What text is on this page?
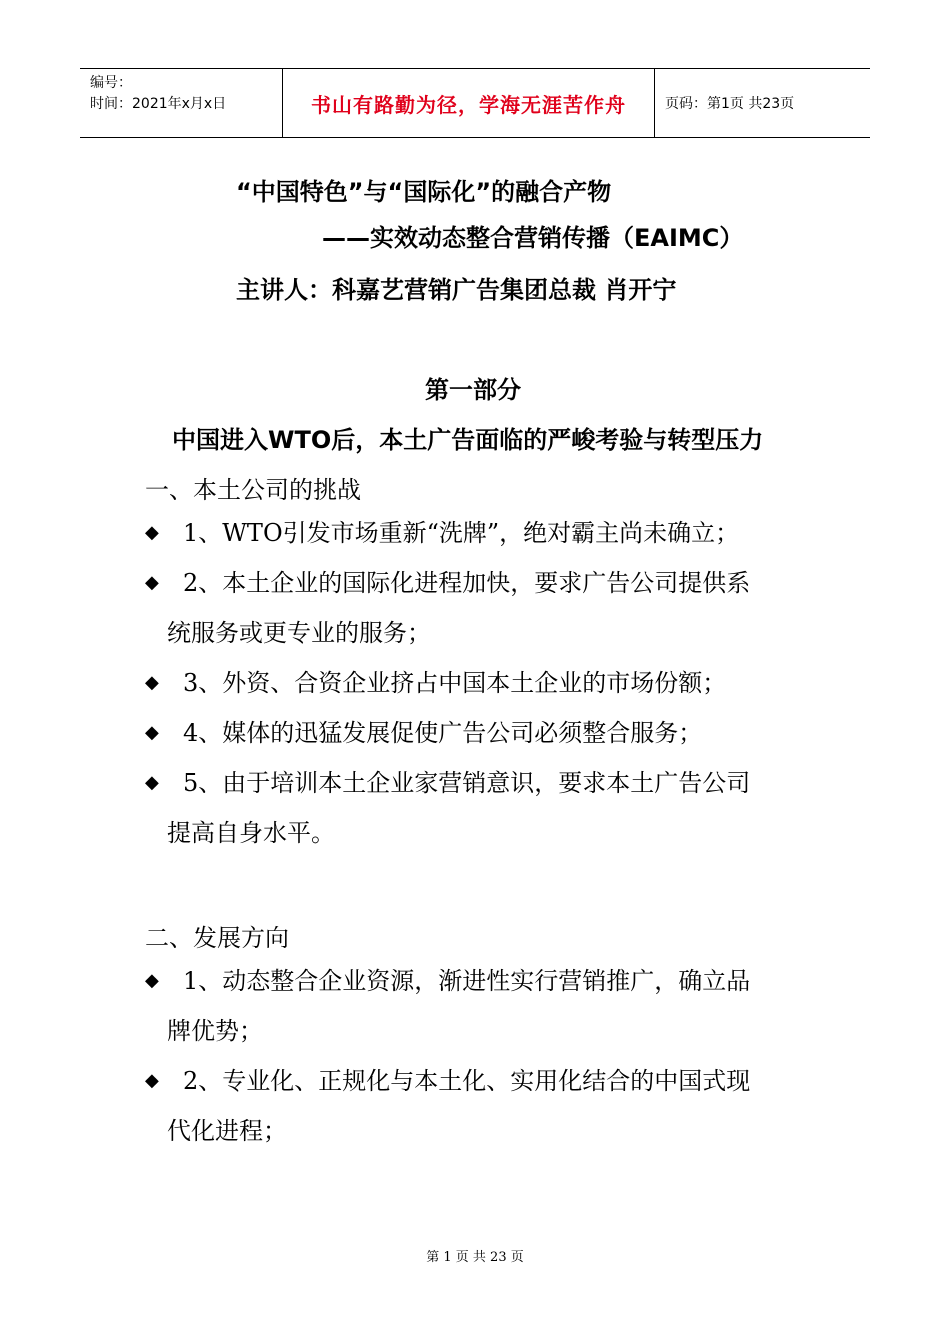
编号：
时间：2021年x月x日	书山有路勤为径，学海无涯苦作舟	页码：第1页 共23页
“中国特色”与“国际化”的融合产物
——实效动态整合营销传播（EAIMC）
主讲人：科嘉艺营销广告集团总裁 肖开宁
第一部分
中国进入WTO后，本土广告面临的严峻考验与转型压力
一、本土公司的挑战
◆	1、WTO引发市场重新“洗牌”，绝对霸主尚未确立；
◆	2、本土企业的国际化进程加快，要求广告公司提供系
统服务或更专业的服务；
◆	3、外资、合资企业挤占中国本土企业的市场份额；
◆	4、媒体的迅猛发展促使广告公司必须整合服务；
◆	5、由于培训本土企业家营销意识，要求本土广告公司
提高自身水平。
二、发展方向
◆	1、动态整合企业资源，渐进性实行营销推广，确立品
牌优势；
◆	2、专业化、正规化与本土化、实用化结合的中国式现
代化进程；
第 1 页 共 23 页
